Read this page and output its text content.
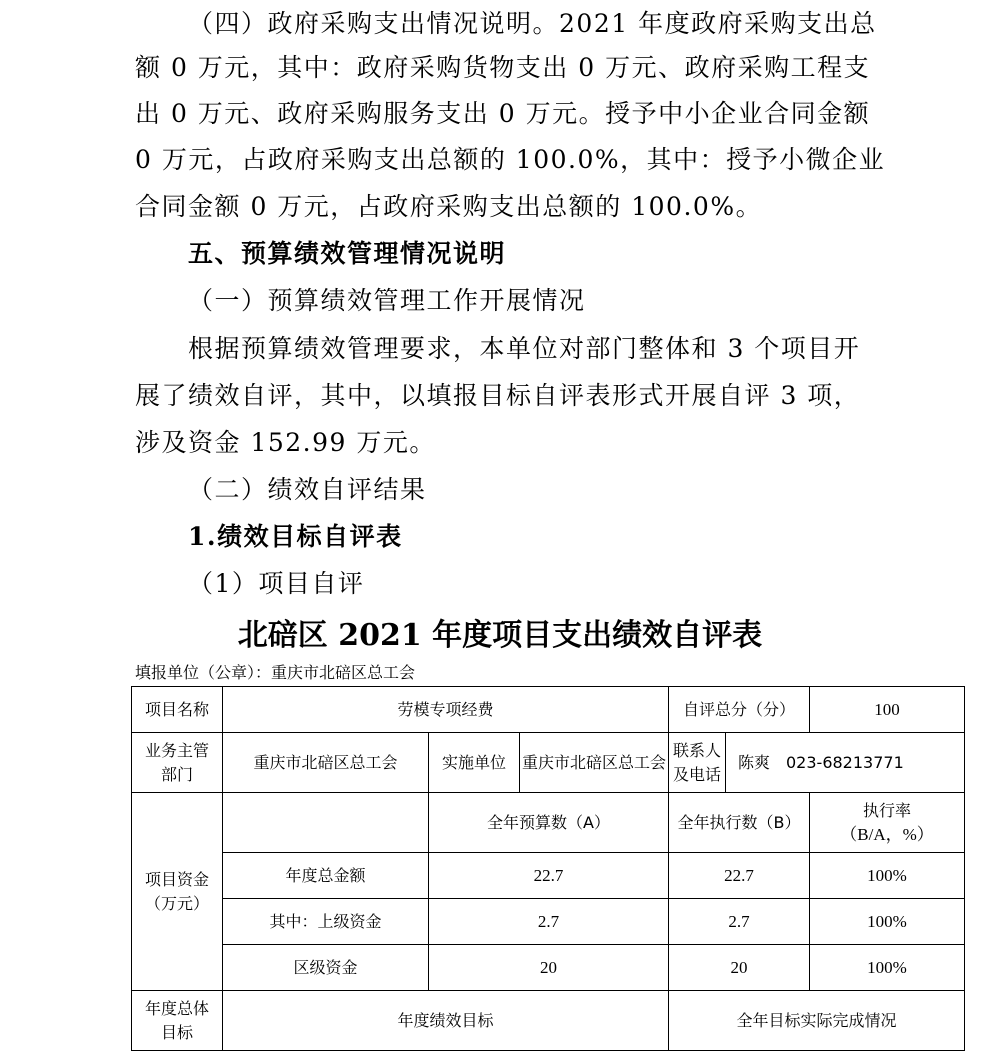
（四）政府采购支出情况说明。2021 年度政府采购支出总
额 0 万元，其中：政府采购货物支出 0 万元、政府采购工程支
出 0 万元、政府采购服务支出 0 万元。授予中小企业合同金额
0 万元，占政府采购支出总额的 100.0%，其中：授予小微企业
合同金额 0 万元，占政府采购支出总额的 100.0%。
五、预算绩效管理情况说明
（一）预算绩效管理工作开展情况
根据预算绩效管理要求，本单位对部门整体和 3 个项目开
展了绩效自评，其中，以填报目标自评表形式开展自评 3 项，
涉及资金 152.99 万元。
（二）绩效自评结果
1.绩效目标自评表
（1）项目自评
北碚区 2021 年度项目支出绩效自评表
填报单位（公章）：重庆市北碚区总工会
项目名称	劳模专项经费			自评总分（分）		100
业务主管
部门	重庆市北碚区总工会	实施单位	重庆市北碚区总工会	联系人
及电话	陈爽　023-68213771	
项目资金
（万元）		全年预算数（A）		全年执行数（B）		执行率
（B/A，%）
	年度总金额	22.7		22.7		100%
	其中：上级资金	2.7		2.7		100%
	区级资金	20		20		100%
年度总体
目标	年度绩效目标			全年目标实际完成情况		
